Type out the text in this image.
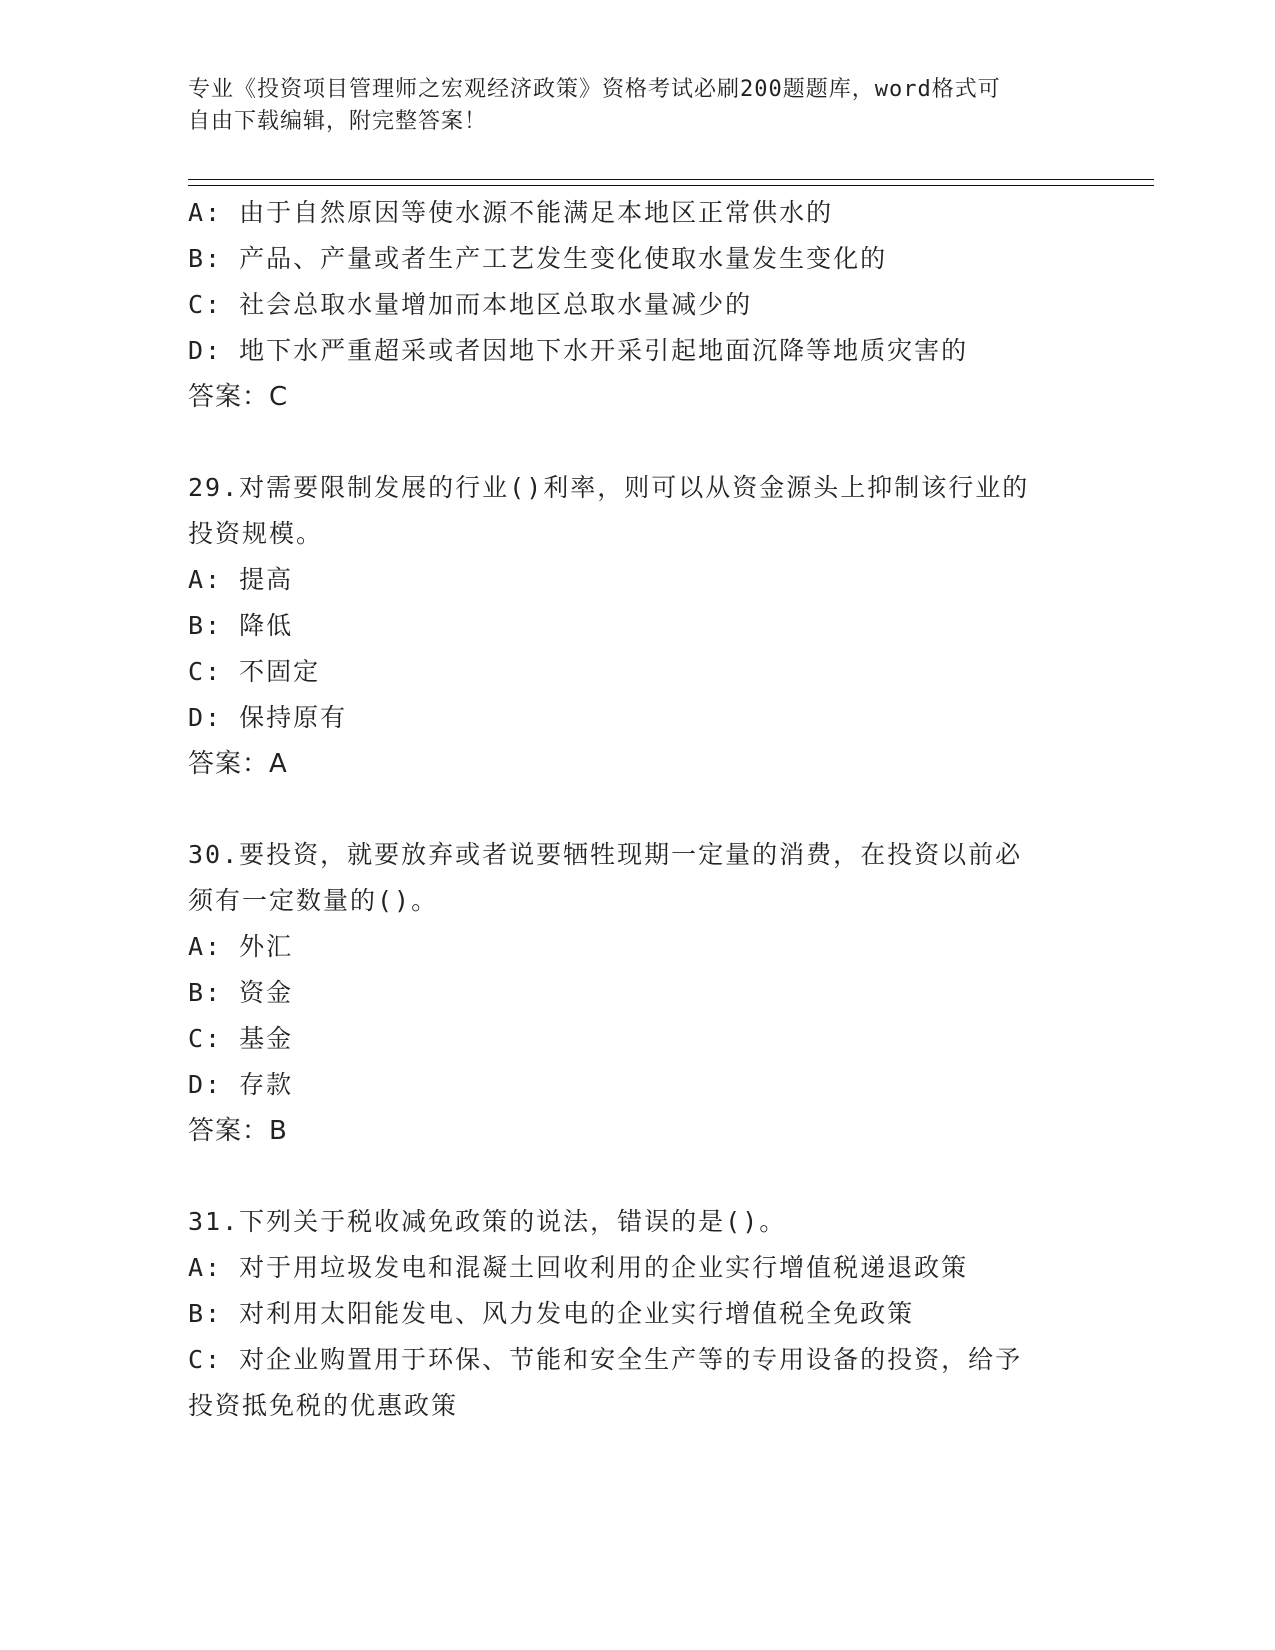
专业《投资项目管理师之宏观经济政策》资格考试必刷200题题库，word格式可
自由下载编辑，附完整答案！
A: 由于自然原因等使水源不能满足本地区正常供水的
B: 产品、产量或者生产工艺发生变化使取水量发生变化的
C: 社会总取水量增加而本地区总取水量减少的
D: 地下水严重超采或者因地下水开采引起地面沉降等地质灾害的
答案：C
29.对需要限制发展的行业()利率，则可以从资金源头上抑制该行业的
投资规模。
A: 提高
B: 降低
C: 不固定
D: 保持原有
答案：A
30.要投资，就要放弃或者说要牺牲现期一定量的消费，在投资以前必
须有一定数量的()。
A: 外汇
B: 资金
C: 基金
D: 存款
答案：B
31.下列关于税收减免政策的说法，错误的是()。
A: 对于用垃圾发电和混凝土回收利用的企业实行增值税递退政策
B: 对利用太阳能发电、风力发电的企业实行增值税全免政策
C: 对企业购置用于环保、节能和安全生产等的专用设备的投资，给予
投资抵免税的优惠政策
